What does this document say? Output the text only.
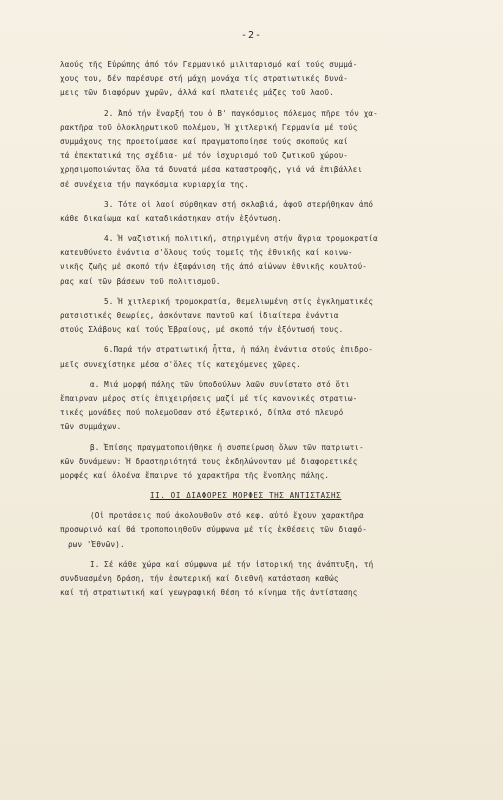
-2-
λαούς τῆς Εὐρώπης ἀπό τόν Γερμανικό μιλιταρισμό καί τούς συμμά-
χους του, δέν παρέσυρε στή μάχη μονάχα τίς στρατιωτικές δυνά-
μεις τῶν διαφόρων χωρῶν, ἀλλά καί πλατειές μάζες τοῦ λαοῦ.
2. Ἀπό τήν ἔναρξή του ὁ Β' παγκόσμιος πόλεμος πῆρε τόν χα-
ρακτῆρα τοῦ ὁλοκληρωτικοῦ πολέμου, Ἡ χιτλερική Γερμανία μέ τούς
συμμάχους της προετοίμασε καί πραγματοποίησε τούς σκοπούς καί
τά ἐπεκτατικά της σχέδια- μέ τόν ἰσχυρισμό τοῦ ζωτικοῦ χώρου-
χρησιμοποιώντας ὅλα τά δυνατά μέσα καταστροφῆς, γιά νά ἐπιβάλλει
σέ συνέχεια τήν παγκόσμια κυριαρχία της.
3. Τότε οἱ λαοί σύρθηκαν στή σκλαβιά, ἀφοῦ στερήθηκαν ἀπό
κάθε δικαίωμα καί καταδικάστηκαν στήν ἐξόντωση.
4. Ἡ ναζιστική πολιτική, στηριγμένη στήν ἄγρια τρομοκρατία
κατευθύνετο ἐνάντια σ'ὅλους τούς τομεῖς τῆς ἐθνικῆς καί κοινω-
νικῆς ζωῆς μέ σκοπό τήν ἐξαφάνιση τῆς ἀπό αἰώνων ἐθνικῆς κουλτού-
ρας καί τῶν βάσεων τοῦ πολιτισμοῦ.
5. Ἡ χιτλερική τρομοκρατία, θεμελιωμένη στίς ἐγκληματικές
ρατσιστικές θεωρίες, ἀσκόντανε παντοῦ καί ἰδιαίτερα ἐνάντια
στούς Σλάβους καί τούς Ἑβραίους, μέ σκοπό τήν ἐξόντωσή τους.
6.Παρά τήν στρατιωτική ἧττα, ἡ πάλη ἐνάντια στούς ἐπιδρο-
μεῖς συνεχίστηκε μέσα σ'ὅλες τίς κατεχόμενες χῶρες.
α. Μιά μορφή πάλης τῶν ὑποδούλων λαῶν συνίστατο στό ὅτι
ἔπαιρναν μέρος στίς ἐπιχειρήσεις μαζί μέ τίς κανονικές στρατιω-
τικές μονάδες πού πολεμοῦσαν στό ἐξωτερικό, δίπλα στό πλευρό
τῶν συμμάχων.
β. Ἐπίσης πραγματοποιήθηκε ἡ συσπείρωση ὅλων τῶν πατριωτι-
κῶν δυνάμεων: Ἡ δραστηριότητά τους ἐκδηλώνονταν μέ διαφορετικές
μορφές καί ὁλοένα ἔπαιρνε τό χαρακτῆρα τῆς ἔνοπλης πάλης.
II. ΟΙ ΔΙΑΦΟΡΕΣ ΜΟΡΦΕΣ ΤΗΣ ΑΝΤΙΣΤΑΣΗΣ
(Οἱ προτάσεις πού ἀκολουθοῦν στό κεφ. αὐτό ἔχουν χαρακτῆρα
προσωρινό καί θά τροποποιηθοῦν σύμφωνα μέ τίς ἐκθέσεις τῶν διαφό-
ρων 'Ἐθνῶν).
I. Σέ κάθε χώρα καί σύμφωνα μέ τήν ἱστορική της ἀνάπτυξη, τή
συνδυασμένη δράση, τήν ἐσωτερική καί διεθνῆ κατάσταση καθώς
καί τή στρατιωτική καί γεωγραφική θέση τό κίνημα τῆς ἀντίστασης
